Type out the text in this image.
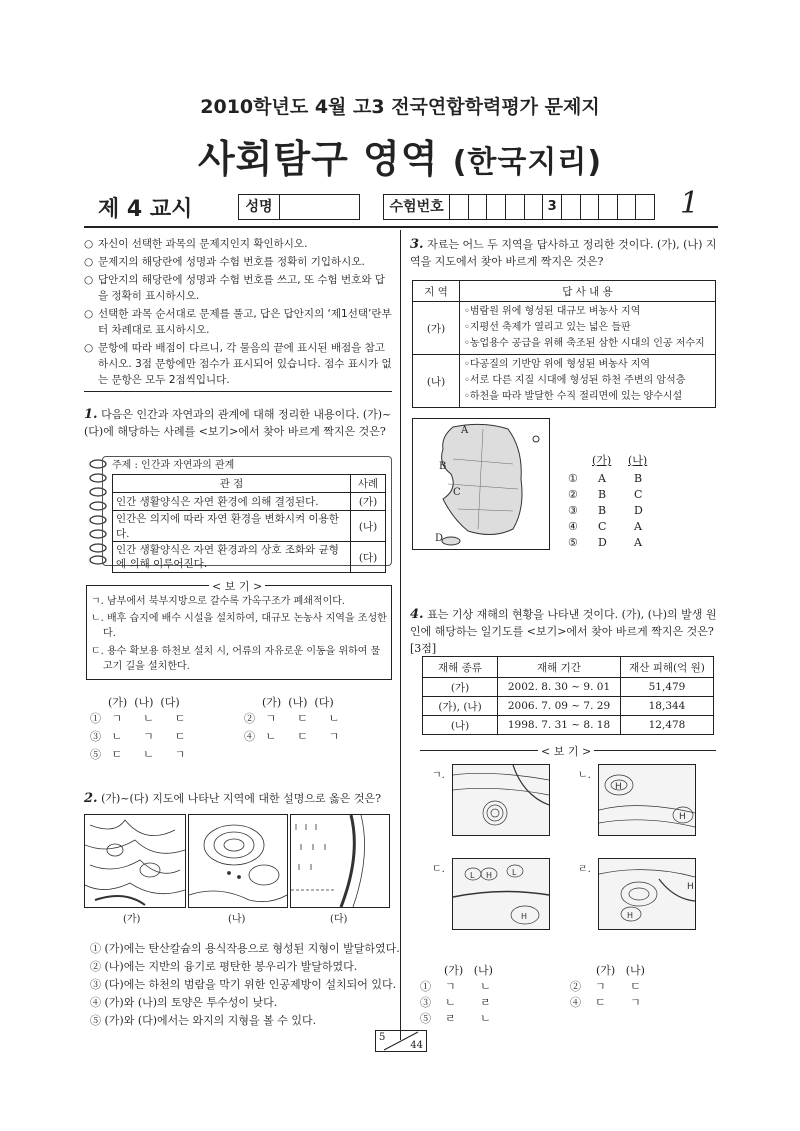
2010학년도 4월 고3 전국연합학력평가 문제지
사회탐구 영역 (한국지리)
제 4 교시	성명	수험번호	3	1
○ 자신이 선택한 과목의 문제지인지 확인하시오.
○ 문제지의 해당란에 성명과 수험 번호를 정확히 기입하시오.
○ 답안지의 해당란에 성명과 수험 번호를 쓰고, 또 수험 번호와 답을 정확히 표시하시오.
○ 선택한 과목 순서대로 문제를 풀고, 답은 답안지의 ‘제1선택’란부터 차례대로 표시하시오.
○ 문항에 따라 배점이 다르니, 각 물음의 끝에 표시된 배점을 참고하시오. 3점 문항에만 점수가 표시되어 있습니다. 점수 표시가 없는 문항은 모두 2점씩입니다.
1. 다음은 인간과 자연과의 관계에 대해 정리한 내용이다. (가)~(다)에 해당하는 사례를 <보기>에서 찾아 바르게 짝지은 것은?
주제 : 인간과 자연과의 관계
관 점	사례
인간 생활양식은 자연 환경에 의해 결정된다.	(가)
인간은 의지에 따라 자연 환경을 변화시켜 이용한다.	(나)
인간 생활양식은 자연 환경과의 상호 조화와 균형에 의해 이루어진다.	(다)
< 보 기 >
ㄱ. 남부에서 북부지방으로 갈수록 가옥구조가 폐쇄적이다.
ㄴ. 배후 습지에 배수 시설을 설치하여, 대규모 논농사 지역을 조성한다.
ㄷ. 용수 확보용 하천보 설치 시, 어류의 자유로운 이동을 위하여 물고기 길을 설치한다.
(가)  (나)  (다)	(가)  (나)  (다)
①   ㄱ      ㄴ      ㄷ	②   ㄱ      ㄷ      ㄴ
③   ㄴ      ㄱ      ㄷ	④   ㄴ      ㄷ      ㄱ
⑤   ㄷ      ㄴ      ㄱ
2. (가)~(다) 지도에 나타난 지역에 대한 설명으로 옳은 것은?
(가)	(나)	(다)
① (가)에는 탄산칼슘의 용식작용으로 형성된 지형이 발달하였다.
② (나)에는 지반의 융기로 평탄한 봉우리가 발달하였다.
③ (다)에는 하천의 범람을 막기 위한 인공제방이 설치되어 있다.
④ (가)와 (나)의 토양은 투수성이 낮다.
⑤ (가)와 (다)에서는 와지의 지형을 볼 수 있다.
3. 자료는 어느 두 지역을 답사하고 정리한 것이다. (가), (나) 지역을 지도에서 찾아 바르게 짝지은 것은?
지 역	답 사 내 용
(가)	◦범람원 위에 형성된 대규모 벼농사 지역
◦지평선 축제가 열리고 있는 넓은 들판
◦농업용수 공급을 위해 축조된 삼한 시대의 인공 저수지

(나)	◦다공질의 기반암 위에 형성된 벼농사 지역
◦서로 다른 지질 시대에 형성된 하천 주변의 암석층
◦하천을 따라 발달한 수직 절리면에 있는 양수시설
A
B
C
D
(가) (나)
① A	B
② B	C
③ B	D
④ C	A
⑤ D A
4. 표는 기상 재해의 현황을 나타낸 것이다. (가), (나)의 발생 원인에 해당하는 일기도를 <보기>에서 찾아 바르게 짝지은 것은? [3점]
재해 종류	재해 기간	재산 피해(억 원)
(가)	2002. 8. 30 ~ 9. 01	51,479
(가), (나)	2006. 7. 09 ~ 7. 29	18,344
(나)	1998. 7. 31 ~ 8. 18	12,478
< 보 기 >
ㄱ.	ㄴ.
H
H
ㄷ.
L H L
H
ㄹ.
H
H
(가)   (나)	(가)   (나)
①    ㄱ       ㄴ	②    ㄱ       ㄷ
③    ㄴ       ㄹ	④    ㄷ       ㄱ
⑤    ㄹ       ㄴ
5
44
